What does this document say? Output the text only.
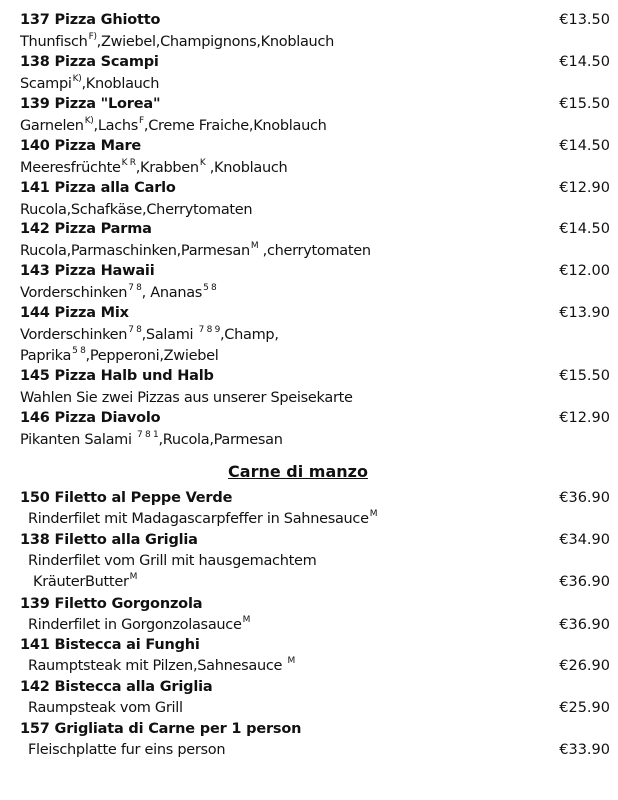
137 Pizza Ghiotto	€13.50
Thunfisch$^{F)}$,Zwiebel,Champignons,Knoblauch
138 Pizza Scampi	€14.50
Scampi$^{K)}$,Knoblauch
139 Pizza "Lorea"	€15.50
Garnelen$^{K)}$,Lachs$^F$,Creme Fraiche,Knoblauch
140 Pizza Mare	€14.50
Meeresfrüchte$^{K R}$,Krabben$^K$ ,Knoblauch
141 Pizza alla Carlo	€12.90
Rucola,Schafkäse,Cherrytomaten
142 Pizza Parma	€14.50
Rucola,Parmaschinken,Parmesan$^M$ ,cherrytomaten
143 Pizza Hawaii	€12.00
Vorderschinken$^{7 8}$, Ananas$^{5 8}$
144 Pizza Mix	€13.90
Vorderschinken$^{7 8}$,Salami $^{7 8 9}$,Champ,
Paprika$^{5 8}$,Pepperoni,Zwiebel
145 Pizza Halb und Halb	€15.50
Wahlen Sie zwei Pizzas aus unserer Speisekarte
146 Pizza Diavolo	€12.90
Pikanten Salami $^{7 8 1}$,Rucola,Parmesan
Carne di manzo
150 Filetto al Peppe Verde	€36.90
Rinderfilet mit Madagascarpfeffer in Sahnesauce$^M$
138 Filetto alla Griglia	€34.90
Rinderfilet vom Grill mit hausgemachtem
KräuterButter$^M$	€36.90
139 Filetto Gorgonzola
Rinderfilet in Gorgonzolasauce$^M$	€36.90
141 Bistecca ai Funghi
Raumptsteak mit Pilzen,Sahnesauce $^M$	€26.90
142 Bistecca alla Griglia
Raumpsteak vom Grill	€25.90
157 Grigliata di Carne per 1 person
Fleischplatte fur eins person	€33.90
